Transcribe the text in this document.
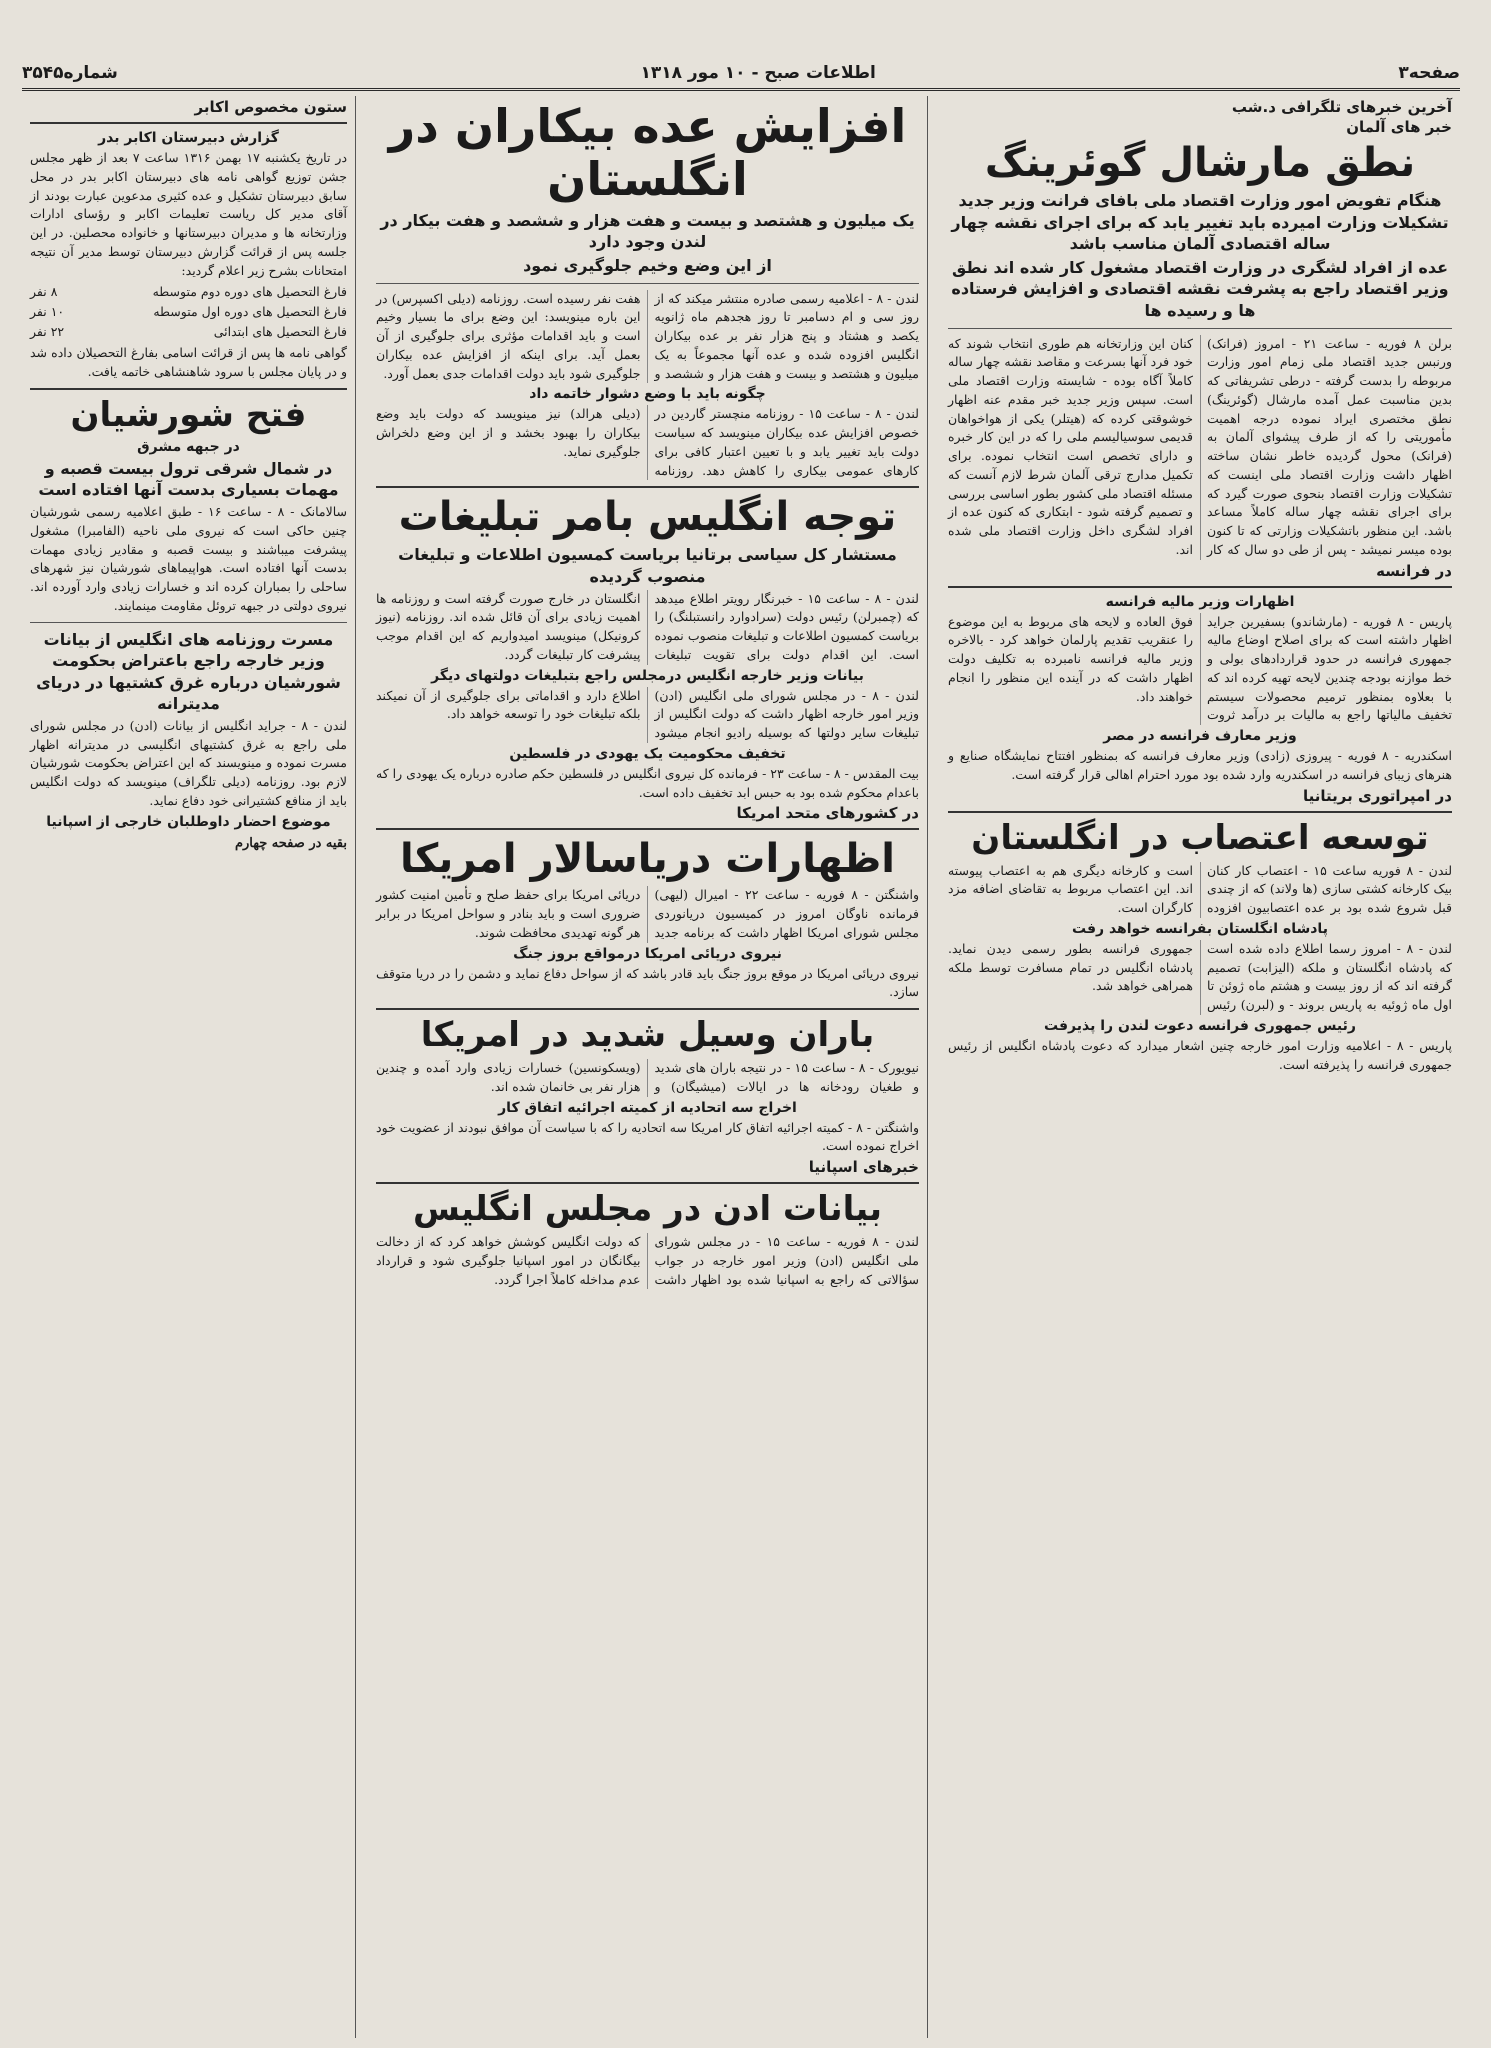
صفحه۳
اطلاعات صبح - ۱۰ مور ۱۳۱۸
شماره۳۵۴۵
آخرین خبرهای تلگرافی د.شب
خبر های آلمان
نطق مارشال گوئرینگ
هنگام تفویض امور وزارت اقتصاد ملی بافای فرانت وزیر جدید تشکیلات وزارت امیرده باید تغییر یابد که برای اجرای نقشه چهار ساله اقتصادی آلمان مناسب باشد
عده از افراد لشگری در وزارت اقتصاد مشغول کار شده اند نطق وزیر اقتصاد راجع به پشرفت نقشه اقتصادی و افزایش فرستاده ها و رسیده ها
برلن ۸ فوریه - ساعت ۲۱ - امروز (فرانک) ورنبس جدید اقتصاد ملی زمام امور وزارت مربوطه را بدست گرفته - درطی تشریفاتی که بدین مناسبت عمل آمده مارشال (گوئرینگ) نطق مختصری ایراد نموده درجه اهمیت مأموریتی را که از طرف پیشوای آلمان به (فرانک) محول گردیده خاطر نشان ساخته اظهار داشت وزارت اقتصاد ملی اینست که تشکیلات وزارت اقتصاد بنحوی صورت گیرد که برای اجرای نقشه چهار ساله کاملاً مساعد باشد. این منظور باتشکیلات وزارتی که تا کنون بوده میسر نمیشد - پس از طی دو سال که کار کنان این وزارتخانه هم طوری انتخاب شوند که خود فرد آنها بسرعت و مقاصد نقشه چهار ساله کاملاً آگاه بوده - شایسته وزارت اقتصاد ملی است. سپس وزیر جدید خبر مقدم عنه اظهار خوشوقتی کرده که (هیتلر) یکی از هواخواهان قدیمی سوسیالیسم ملی را که در این کار خبره و دارای تخصص است انتخاب نموده. برای تکمیل مدارج ترقی آلمان شرط لازم آنست که مسئله اقتصاد ملی کشور بطور اساسی بررسی و تصمیم گرفته شود - ابتکاری که کنون عده از افراد لشگری داخل وزارت اقتصاد ملی شده اند.
در فرانسه
اظهارات وزیر مالیه فرانسه
پاریس - ۸ فوریه - (مارشاندو) بسفیرین جراید اظهار داشته است که برای اصلاح اوضاع مالیه جمهوری فرانسه در حدود قراردادهای بولی و خط موازنه بودجه چندین لایحه تهیه کرده اند که با بعلاوه بمنظور ترمیم محصولات سیستم تخفیف مالیاتها راجع به مالیات بر درآمد ثروت فوق العاده و لایحه های مربوط به این موضوع را عنقریب تقدیم پارلمان خواهد کرد - بالاخره وزیر مالیه فرانسه نامبرده به تکلیف دولت اظهار داشت که در آینده این منظور را انجام خواهند داد.
وزیر معارف فرانسه در مصر
اسکندریه - ۸ فوریه - پیروزی (زادی) وزیر معارف فرانسه که بمنظور افتتاح نمایشگاه صنایع و هنرهای زیبای فرانسه در اسکندریه وارد شده بود مورد احترام اهالی قرار گرفته است.
در امپراتوری بریتانیا
توسعه اعتصاب در انگلستان
لندن - ۸ فوریه ساعت ۱۵ - اعتصاب کار کنان بیک کارخانه کشتی سازی (ها ولاند) که از چندی قبل شروع شده بود بر عده اعتصابیون افزوده است و کارخانه دیگری هم به اعتصاب پیوسته اند. این اعتصاب مربوط به تقاضای اضافه مزد کارگران است.
پادشاه انگلستان بفرانسه خواهد رفت
لندن - ۸ - امروز رسما اطلاع داده شده است که پادشاه انگلستان و ملکه (الیزابت) تصمیم گرفته اند که از روز بیست و هشتم ماه ژوئن تا اول ماه ژوئیه به پاریس بروند - و (لبرن) رئیس جمهوری فرانسه بطور رسمی دیدن نماید. پادشاه انگلیس در تمام مسافرت توسط ملکه همراهی خواهد شد.
رئیس جمهوری فرانسه دعوت لندن را پذیرفت
پاریس - ۸ - اعلامیه وزارت امور خارجه چنین اشعار میدارد که دعوت پادشاه انگلیس از رئیس جمهوری فرانسه را پذیرفته است.
افزایش عده بیکاران در انگلستان
یک میلیون و هشتصد و بیست و هفت هزار و ششصد و هفت بیکار در لندن وجود دارد
از این وضع وخیم جلوگیری نمود
لندن - ۸ - اعلامیه رسمی صادره منتشر میکند که از روز سی و ام دسامبر تا روز هجدهم ماه ژانویه یکصد و هشتاد و پنج هزار نفر بر عده بیکاران انگلیس افزوده شده و عده آنها مجموعاً به یک میلیون و هشتصد و بیست و هفت هزار و ششصد و هفت نفر رسیده است. روزنامه (دیلی اکسپرس) در این باره مینویسد: این وضع برای ما بسیار وخیم است و باید اقدامات مؤثری برای جلوگیری از آن بعمل آید. برای اینکه از افزایش عده بیکاران جلوگیری شود باید دولت اقدامات جدی بعمل آورد.
چگونه باید با وضع دشوار خاتمه داد
لندن - ۸ - ساعت ۱۵ - روزنامه منچستر گاردین در خصوص افزایش عده بیکاران مینویسد که سیاست دولت باید تغییر یابد و با تعیین اعتبار کافی برای کارهای عمومی بیکاری را کاهش دهد. روزنامه (دیلی هرالد) نیز مینویسد که دولت باید وضع بیکاران را بهبود بخشد و از این وضع دلخراش جلوگیری نماید.
توجه انگلیس بامر تبلیغات
مستشار کل سیاسی برتانیا بریاست کمسیون اطلاعات و تبلیغات منصوب گردیده
لندن - ۸ - ساعت ۱۵ - خبرنگار رویتر اطلاع میدهد که (چمبرلن) رئیس دولت (سرادوارد رانستبلنگ) را بریاست کمسیون اطلاعات و تبلیغات منصوب نموده است. این اقدام دولت برای تقویت تبلیغات انگلستان در خارج صورت گرفته است و روزنامه ها اهمیت زیادی برای آن قائل شده اند. روزنامه (نیوز کرونیکل) مینویسد امیدواریم که این اقدام موجب پیشرفت کار تبلیغات گردد.
بیانات وزیر خارجه انگلیس درمجلس راجع بتبلیغات دولتهای دیگر
لندن - ۸ - در مجلس شورای ملی انگلیس (ادن) وزیر امور خارجه اظهار داشت که دولت انگلیس از تبلیغات سایر دولتها که بوسیله رادیو انجام میشود اطلاع دارد و اقداماتی برای جلوگیری از آن نمیکند بلکه تبلیغات خود را توسعه خواهد داد.
تخفیف محکومیت یک یهودی در فلسطین
بیت المقدس - ۸ - ساعت ۲۳ - فرمانده کل نیروی انگلیس در فلسطین حکم صادره درباره یک یهودی را که باعدام محکوم شده بود به حبس ابد تخفیف داده است.
در کشورهای متحد امریکا
اظهارات دریاسالار امریکا
واشنگتن - ۸ فوریه - ساعت ۲۲ - امیرال (لیهی) فرمانده ناوگان امروز در کمیسیون دریانوردی مجلس شورای امریکا اظهار داشت که برنامه جدید دریائی امریکا برای حفظ صلح و تأمین امنیت کشور ضروری است و باید بنادر و سواحل امریکا در برابر هر گونه تهدیدی محافظت شوند.
نیروی دریائی امریکا درمواقع بروز جنگ
نیروی دریائی امریکا در موقع بروز جنگ باید قادر باشد که از سواحل دفاع نماید و دشمن را در دریا متوقف سازد.
باران وسیل شدید در امریکا
نیویورک - ۸ - ساعت ۱۵ - در نتیجه باران های شدید و طغیان رودخانه ها در ایالات (میشیگان) و (ویسکونسین) خسارات زیادی وارد آمده و چندین هزار نفر بی خانمان شده اند.
اخراج سه اتحادیه از کمیته اجرائیه اتفاق کار
واشنگتن - ۸ - کمیته اجرائیه اتفاق کار امریکا سه اتحادیه را که با سیاست آن موافق نبودند از عضویت خود اخراج نموده است.
خبرهای اسپانیا
بیانات ادن در مجلس انگلیس
لندن - ۸ فوریه - ساعت ۱۵ - در مجلس شورای ملی انگلیس (ادن) وزیر امور خارجه در جواب سؤالاتی که راجع به اسپانیا شده بود اظهار داشت که دولت انگلیس کوشش خواهد کرد که از دخالت بیگانگان در امور اسپانیا جلوگیری شود و قرارداد عدم مداخله کاملاً اجرا گردد.
ستون مخصوص اکابر
گزارش دبیرستان اکابر بدر
در تاریخ یکشنبه ۱۷ بهمن ۱۳۱۶ ساعت ۷ بعد از ظهر مجلس جشن توزیع گواهی نامه های دبیرستان اکابر بدر در محل سابق دبیرستان تشکیل و عده کثیری مدعوین عبارت بودند از آقای مدیر کل ریاست تعلیمات اکابر و رؤسای ادارات وزارتخانه ها و مدیران دبیرستانها و خانواده محصلین. در این جلسه پس از قرائت گزارش دبیرستان توسط مدیر آن نتیجه امتحانات بشرح زیر اعلام گردید:
فارغ التحصیل های دوره دوم متوسطه
۸ نفر
فارغ التحصیل های دوره اول متوسطه
۱۰ نفر
فارغ التحصیل های ابتدائی
۲۲ نفر
گواهی نامه ها پس از قرائت اسامی بفارغ التحصیلان داده شد و در پایان مجلس با سرود شاهنشاهی خاتمه یافت.
فتح شورشیان
در جبهه مشرق
در شمال شرقی ترول بیست قصبه و مهمات بسیاری بدست آنها افتاده است
سالامانک - ۸ - ساعت ۱۶ - طبق اعلامیه رسمی شورشیان چنین حاکی است که نیروی ملی ناحیه (الفامبرا) مشغول پیشرفت میباشند و بیست قصبه و مقادیر زیادی مهمات بدست آنها افتاده است. هواپیماهای شورشیان نیز شهرهای ساحلی را بمباران کرده اند و خسارات زیادی وارد آورده اند. نیروی دولتی در جبهه تروئل مقاومت مینمایند.
مسرت روزنامه های انگلیس از بیانات وزیر خارجه راجع باعتراض بحکومت شورشیان درباره غرق کشتیها در دریای مدیترانه
لندن - ۸ - جراید انگلیس از بیانات (ادن) در مجلس شورای ملی راجع به غرق کشتیهای انگلیسی در مدیترانه اظهار مسرت نموده و مینویسند که این اعتراض بحکومت شورشیان لازم بود. روزنامه (دیلی تلگراف) مینویسد که دولت انگلیس باید از منافع کشتیرانی خود دفاع نماید.
موضوع احضار داوطلبان خارجی از اسپانیا
بقیه در صفحه چهارم
